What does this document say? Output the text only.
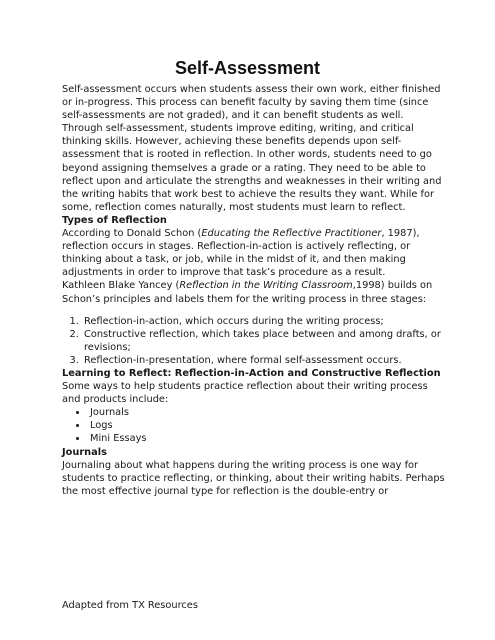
Self-Assessment

Self-assessment occurs when students assess their own work, either finished or in-progress. This process can benefit faculty by saving them time (since self-assessments are not graded), and it can benefit students as well. Through self-assessment, students improve editing, writing, and critical thinking skills. However, achieving these benefits depends upon self-assessment that is rooted in reflection. In other words, students need to go beyond assigning themselves a grade or a rating. They need to be able to reflect upon and articulate the strengths and weaknesses in their writing and the writing habits that work best to achieve the results they want. While for some, reflection comes naturally, most students must learn to reflect.

Types of Reflection

According to Donald Schon (Educating the Reflective Practitioner, 1987), reflection occurs in stages. Reflection-in-action is actively reflecting, or thinking about a task, or job, while in the midst of it, and then making adjustments in order to improve that task’s procedure as a result.

Kathleen Blake Yancey (Reflection in the Writing Classroom,1998) builds on Schon’s principles and labels them for the writing process in three stages:

1. Reflection-in-action, which occurs during the writing process;
2. Constructive reflection, which takes place between and among drafts, or revisions;
3. Reflection-in-presentation, where formal self-assessment occurs.

Learning to Reflect: Reflection-in-Action and Constructive Reflection

Some ways to help students practice reflection about their writing process and products include:

• Journals
• Logs
• Mini Essays

Journals

Journaling about what happens during the writing process is one way for students to practice reflecting, or thinking, about their writing habits. Perhaps the most effective journal type for reflection is the double-entry or

Adapted from TX Resources
